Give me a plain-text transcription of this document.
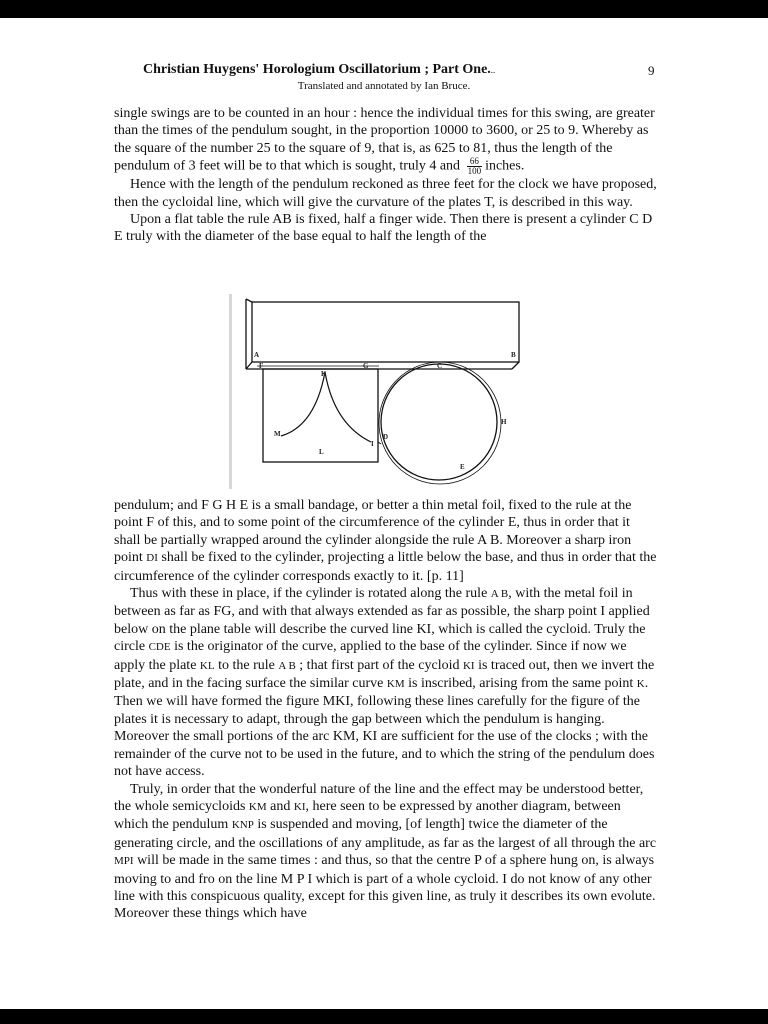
Christian Huygens' Horologium Oscillatorium ; Part One...	9
Translated and annotated by Ian Bruce.

single swings are to be counted in an hour : hence the individual times for this swing, are greater than the times of the pendulum sought, in the proportion 10000 to 3600, or 25 to 9. Whereby as the square of the number 25 to the square of 9, that is, as 625 to 81, thus the length of the pendulum of 3 feet will be to that which is sought, truly 4 and $\frac{66}{100}$ inches.

Hence with the length of the pendulum reckoned as three feet for the clock we have proposed, then the cycloidal line, which will give the curvature of the plates T, is described in this way.

Upon a flat table the rule AB is fixed, half a finger wide. Then there is present a cylinder C D E truly with the diameter of the base equal to half the length of the

A	B
F	G	C
K
H
M
I
D
L
E

pendulum; and F G H E is a small bandage, or better a thin metal foil, fixed to the rule at the point F of this, and to some point of the circumference of the cylinder E, thus in order that it shall be partially wrapped around the cylinder alongside the rule A B. Moreover a sharp iron point DI shall be fixed to the cylinder, projecting a little below the base, and thus in order that the circumference of the cylinder corresponds exactly to it. [p. 11]

Thus with these in place, if the cylinder is rotated along the rule A B, with the metal foil in between as far as FG, and with that always extended as far as possible, the sharp point I applied below on the plane table will describe the curved line KI, which is called the cycloid. Truly the circle CDE is the originator of the curve, applied to the base of the cylinder. Since if now we apply the plate KL to the rule A B ; that first part of the cycloid KI is traced out, then we invert the plate, and in the facing surface the similar curve KM is inscribed, arising from the same point K. Then we will have formed the figure MKI, following these lines carefully for the figure of the plates it is necessary to adapt, through the gap between which the pendulum is hanging. Moreover the small portions of the arc KM, KI are sufficient for the use of the clocks ; with the remainder of the curve not to be used in the future, and to which the string of the pendulum does not have access.

Truly, in order that the wonderful nature of the line and the effect may be understood better, the whole semicycloids KM and KI, here seen to be expressed by another diagram, between which the pendulum KNP is suspended and moving, [of length] twice the diameter of the generating circle, and the oscillations of any amplitude, as far as the largest of all through the arc MPI will be made in the same times : and thus, so that the centre P of a sphere hung on, is always moving to and fro on the line M P I which is part of a whole cycloid. I do not know of any other line with this conspicuous quality, except for this given line, as truly it describes its own evolute. Moreover these things which have
